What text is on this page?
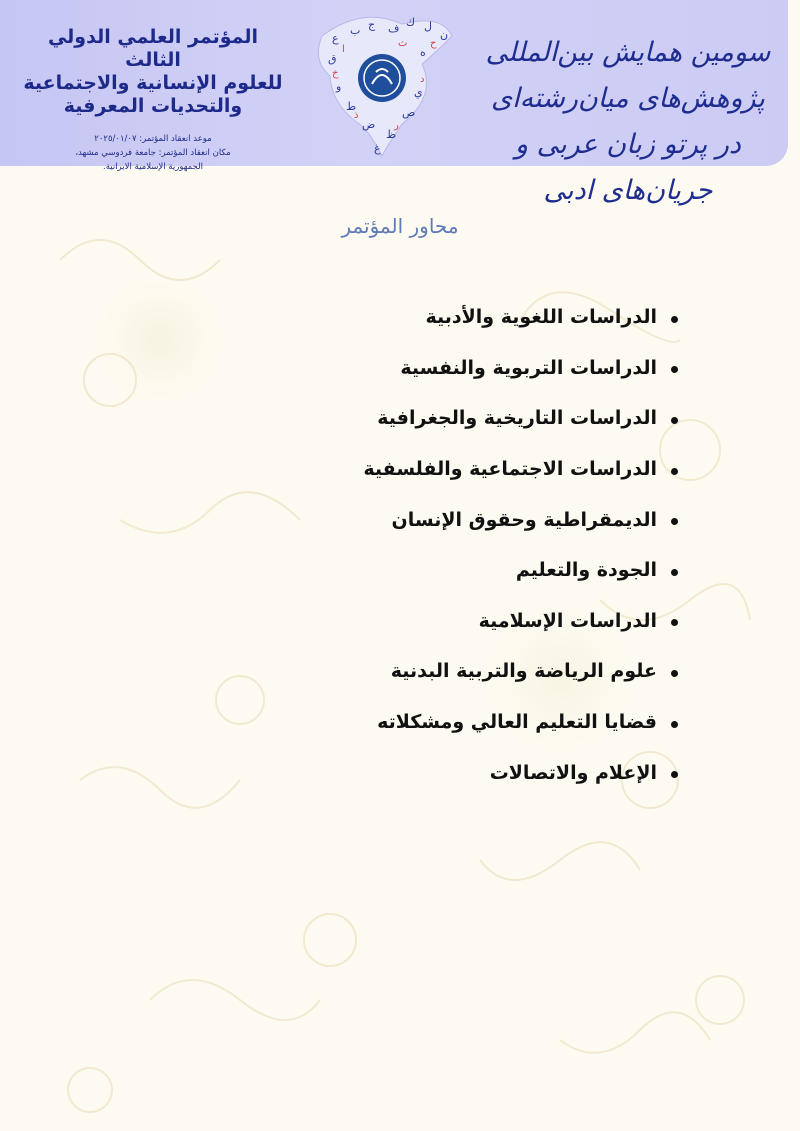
المؤتمر العلمي الدولي الثالث

للعلوم الإنسانية والاجتماعية

والتحديات المعرفية

موعد انعقاد المؤتمر: ٢٠٢٥/٠١/٠٧
مكان انعقاد المؤتمر: جامعة فردوسي مشهد،
الجمهورية الإسلامية الايرانية.
ع
ب ج ف ك ل
ن
ق	ه
و	ي
ط	ص
ض
ظ
غ
ا
ث ح
خ
د
ذ
ر

سومین همایش بین‌المللی پژوهش‌های میان‌رشته‌ای

در پرتو زبان عربی و جریان‌های ادبی

محاور المؤتمر
الدراسات اللغوية والأدبية
الدراسات التربوية والنفسية
الدراسات التاريخية والجغرافية
الدراسات الاجتماعية والفلسفية
الديمقراطية وحقوق الإنسان
الجودة والتعليم
الدراسات الإسلامية
علوم الرياضة والتربية البدنية
قضايا التعليم العالي ومشكلاته
الإعلام والاتصالات
